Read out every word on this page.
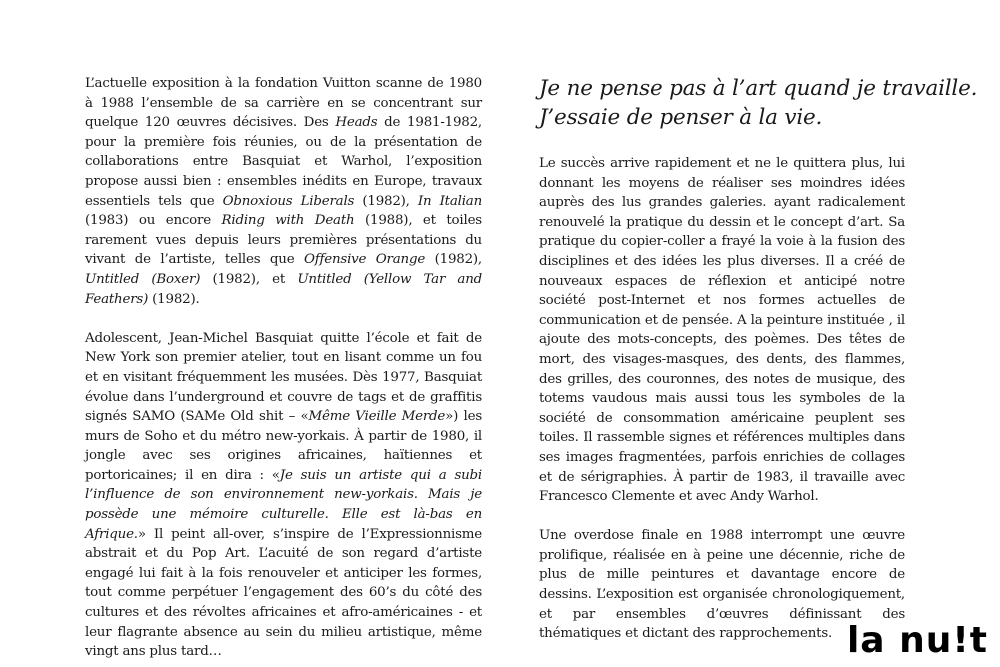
L’actuelle exposition à la fondation Vuitton scanne de 1980 à 1988 l’ensemble de sa carrière en se concentrant sur quelque 120 œuvres décisives. Des Heads de 1981-1982, pour la première fois réunies, ou de la présentation de collaborations entre Basquiat et Warhol, l’exposition propose aussi bien : ensembles inédits en Europe, travaux essentiels tels que Obnoxious Liberals (1982), In Italian (1983) ou encore Riding with Death (1988), et toiles rarement vues depuis leurs premières présentations du vivant de l’artiste, telles que Offensive Orange (1982), Untitled (Boxer) (1982), et Untitled (Yellow Tar and Feathers) (1982).

Adolescent, Jean-Michel Basquiat quitte l’école et fait de New York son premier atelier, tout en lisant comme un fou et en visitant fréquemment les musées. Dès 1977, Basquiat évolue dans l’underground et couvre de tags et de graffitis signés SAMO (SAMe Old shit – «Même Vieille Merde») les murs de Soho et du métro new-yorkais. À partir de 1980, il jongle avec ses origines africaines, haïtiennes et portoricaines; il en dira : «Je suis un artiste qui a subi l’influence de son environnement new-yorkais. Mais je possède une mémoire culturelle. Elle est là-bas en Afrique.» Il peint all-over, s’inspire de l’Expressionnisme abstrait et du Pop Art. L’acuité de son regard d’artiste engagé lui fait à la fois renouveler et anticiper les formes, tout comme perpétuer l’engagement des 60’s du côté des cultures et des révoltes africaines et afro-américaines - et leur flagrante absence au sein du milieu artistique, même vingt ans plus tard…

Je ne pense pas à l’art quand je travaille.
J’essaie de penser à la vie.

Le succès arrive rapidement et ne le quittera plus, lui donnant les moyens de réaliser ses moindres idées auprès des lus grandes galeries. ayant radicalement renouvelé la pratique du dessin et le concept d’art. Sa pratique du copier-coller a frayé la voie à la fusion des disciplines et des idées les plus diverses. Il a créé de nouveaux espaces de réflexion et anticipé notre société post-Internet et nos formes actuelles de communication et de pensée. A la peinture instituée , il ajoute des mots-concepts, des poèmes. Des têtes de mort, des visages-masques, des dents, des flammes, des grilles, des couronnes, des notes de musique, des totems vaudous mais aussi tous les symboles de la société de consommation américaine peuplent ses toiles. Il rassemble signes et références multiples dans ses images fragmentées, parfois enrichies de collages et de sérigraphies. À partir de 1983, il travaille avec Francesco Clemente et avec Andy Warhol.

Une overdose finale en 1988 interrompt une œuvre prolifique, réalisée en à peine une décennie, riche de plus de mille peintures et davantage encore de dessins. L’exposition est organisée chronologiquement, et par ensembles d’œuvres définissant des thématiques et dictant des rapprochements. la nu!t
